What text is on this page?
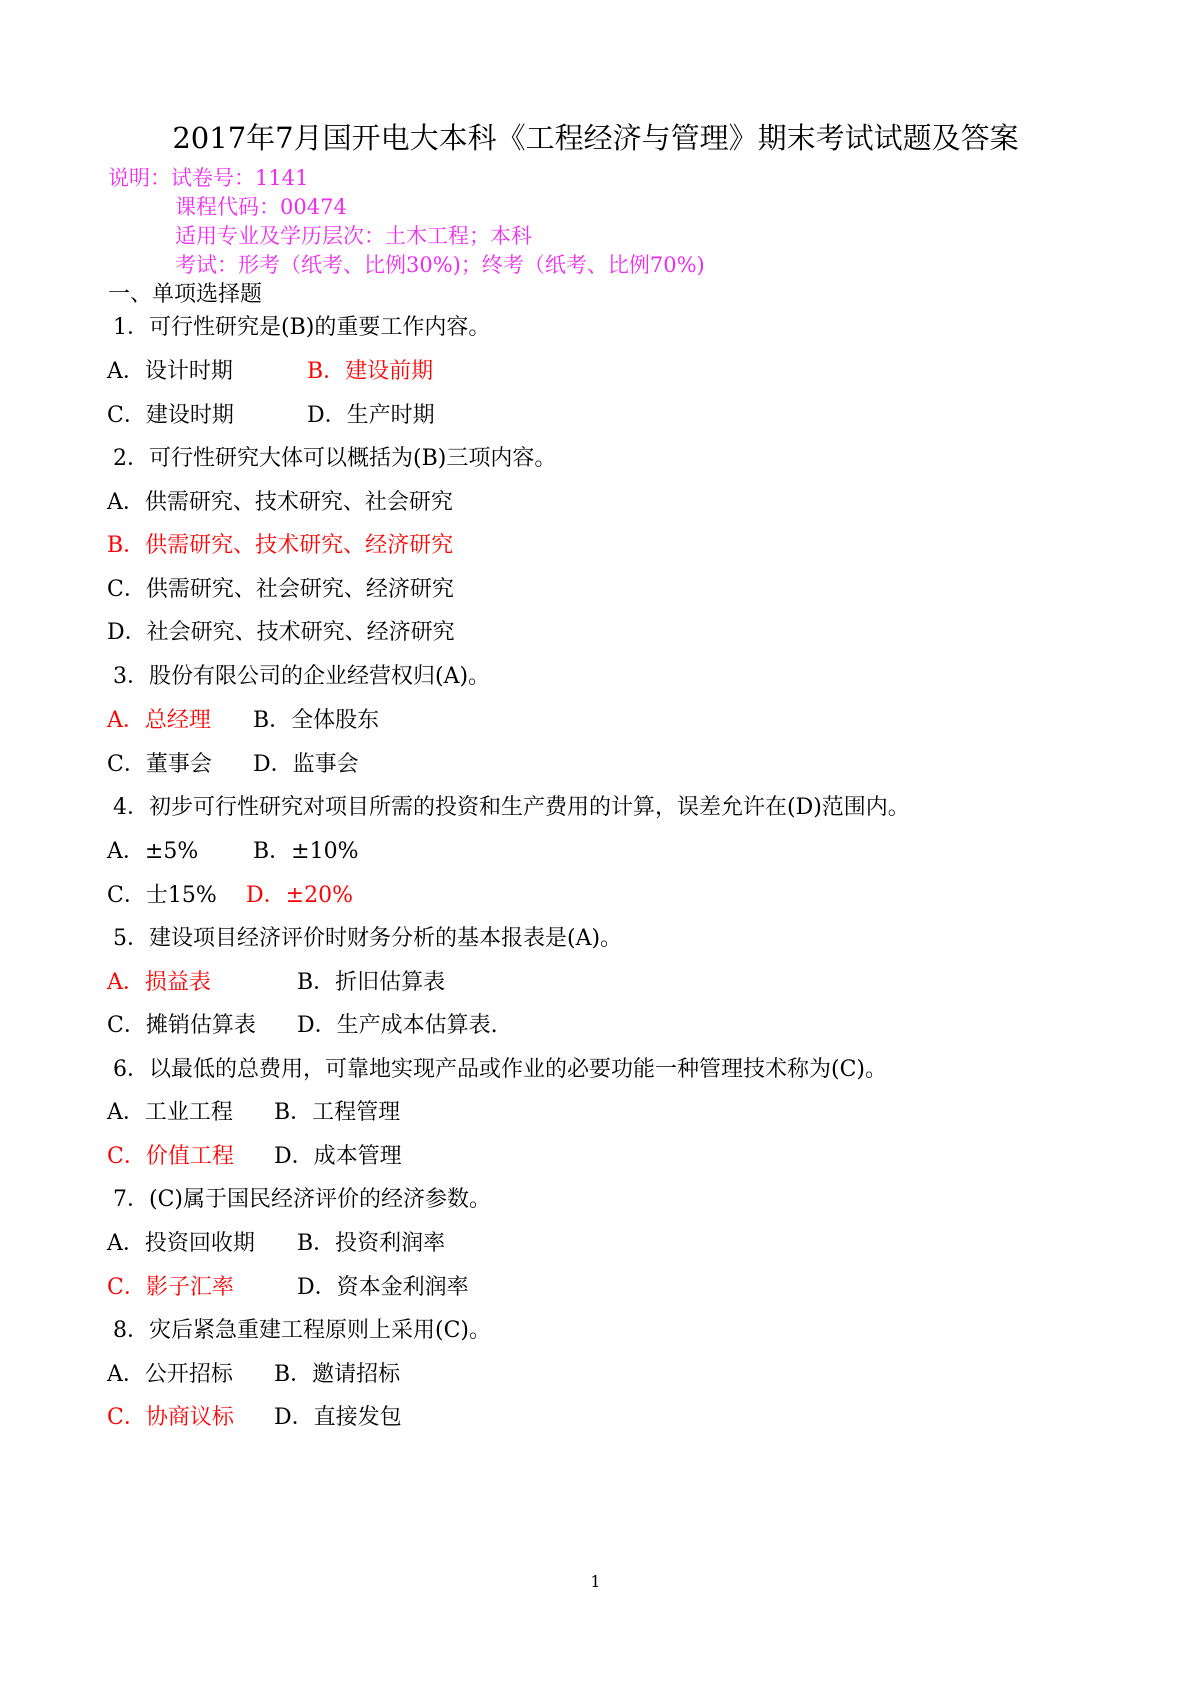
2017年7月国开电大本科《工程经济与管理》期末考试试题及答案
说明：试卷号：1141
课程代码：00474
适用专业及学历层次：土木工程；本科
考试：形考（纸考、比例30%)；终考（纸考、比例70%)
一、单项选择题
1．可行性研究是(B)的重要工作内容。
A．设计时期	B．建设前期
C．建设时期	D．生产时期
2．可行性研究大体可以概括为(B)三项内容。
A．供需研究、技术研究、社会研究
B．供需研究、技术研究、经济研究
C．供需研究、社会研究、经济研究
D．社会研究、技术研究、经济研究
3．股份有限公司的企业经营权归(A)。
A．总经理 B．全体股东
C．董事会 D．监事会
4．初步可行性研究对项目所需的投资和生产费用的计算，误差允许在(D)范围内。
A．±5% B．±10%
C．士15% D．±20%
5．建设项目经济评价时财务分析的基本报表是(A)。
A．损益表	B．折旧估算表
C．摊销估算表 D．生产成本估算表.
6．以最低的总费用，可靠地实现产品或作业的必要功能一种管理技术称为(C)。
A．工业工程 B．工程管理
C．价值工程 D．成本管理
7．(C)属于国民经济评价的经济参数。
A．投资回收期 B．投资利润率
C．影子汇率	D．资本金利润率
8．灾后紧急重建工程原则上采用(C)。
A．公开招标 B．邀请招标
C．协商议标 D．直接发包
1
